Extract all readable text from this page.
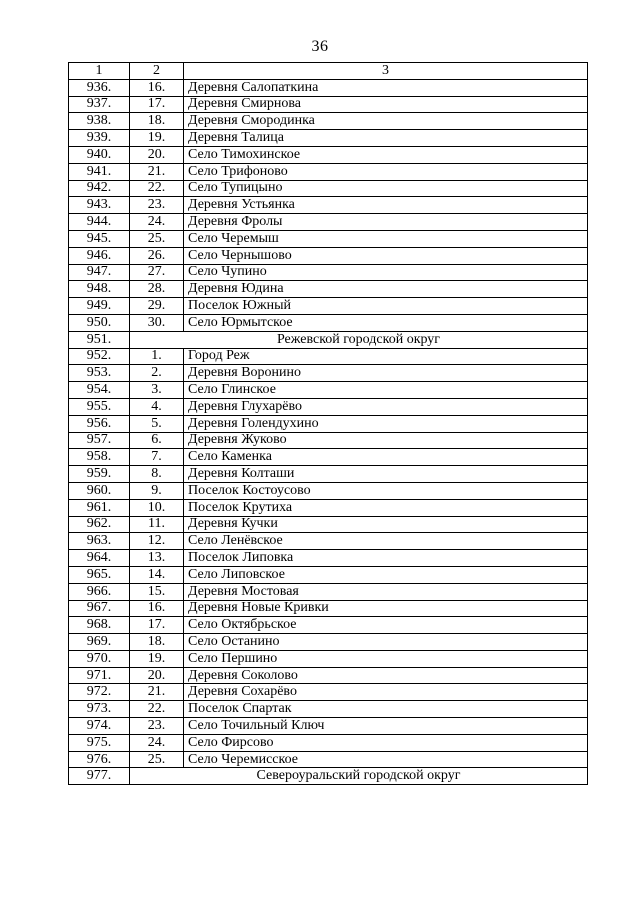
36
1	2	3
936.	16.	Деревня Салопаткина
937.	17.	Деревня Смирнова
938.	18.	Деревня Смородинка
939.	19.	Деревня Талица
940.	20.	Село Тимохинское
941.	21.	Село Трифоново
942.	22.	Село Тупицыно
943.	23.	Деревня Устьянка
944.	24.	Деревня Фролы
945.	25.	Село Черемыш
946.	26.	Село Чернышово
947.	27.	Село Чупино
948.	28.	Деревня Юдина
949.	29.	Поселок Южный
950.	30.	Село Юрмытское
951.	Режевской городской округ	
952.	1.	Город Реж
953.	2.	Деревня Воронино
954.	3.	Село Глинское
955.	4.	Деревня Глухарёво
956.	5.	Деревня Голендухино
957.	6.	Деревня Жуково
958.	7.	Село Каменка
959.	8.	Деревня Колташи
960.	9.	Поселок Костоусово
961.	10.	Поселок Крутиха
962.	11.	Деревня Кучки
963.	12.	Село Ленёвское
964.	13.	Поселок Липовка
965.	14.	Село Липовское
966.	15.	Деревня Мостовая
967.	16.	Деревня Новые Кривки
968.	17.	Село Октябрьское
969.	18.	Село Останино
970.	19.	Село Першино
971.	20.	Деревня Соколово
972.	21.	Деревня Сохарёво
973.	22.	Поселок Спартак
974.	23.	Село Точильный Ключ
975.	24.	Село Фирсово
976.	25.	Село Черемисское
977.	Североуральский городской округ	
